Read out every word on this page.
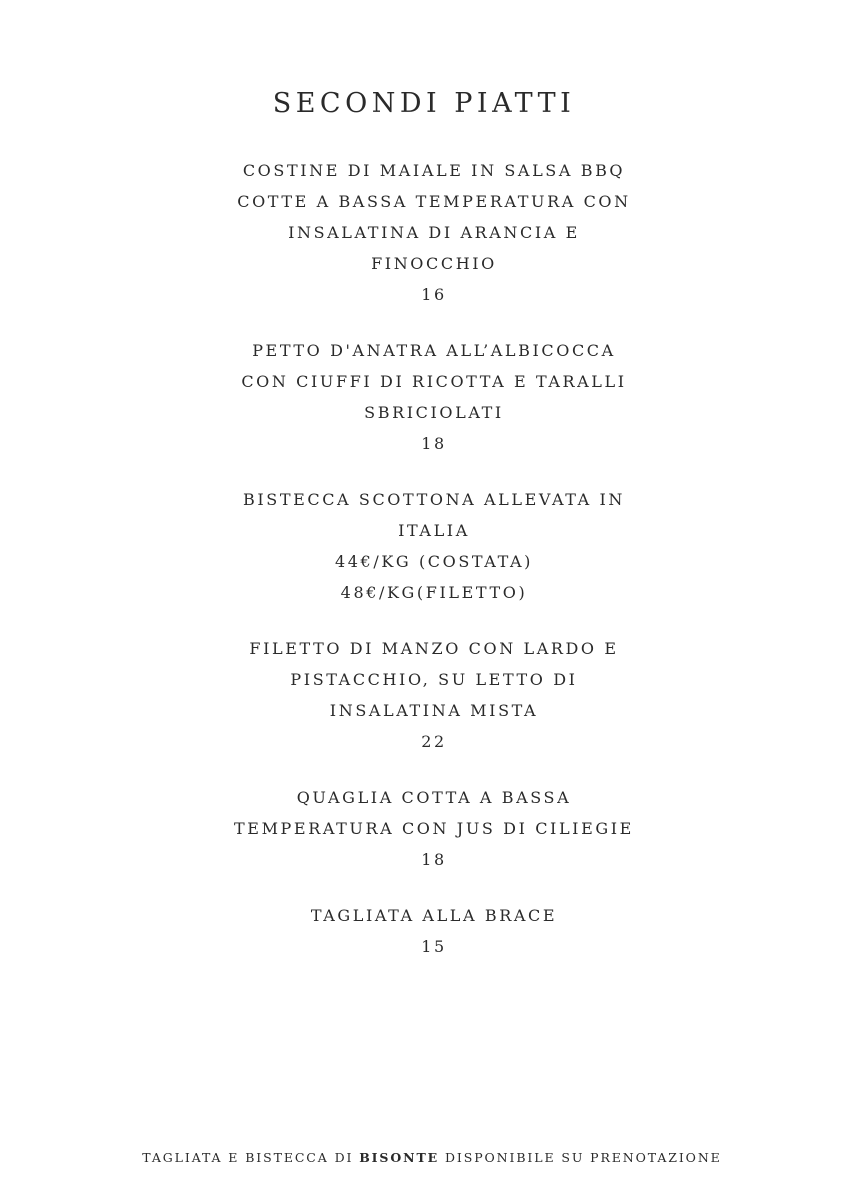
SECONDI PIATTI
COSTINE DI MAIALE IN SALSA BBQ
COTTE A BASSA TEMPERATURA CON
INSALATINA DI ARANCIA E
FINOCCHIO
16
PETTO D'ANATRA ALL’ALBICOCCA
CON CIUFFI DI RICOTTA E TARALLI
SBRICIOLATI
18
BISTECCA SCOTTONA ALLEVATA IN
ITALIA
44€/KG (COSTATA)
48€/KG(FILETTO)
FILETTO DI MANZO CON LARDO E
PISTACCHIO, SU LETTO DI
INSALATINA MISTA
22
QUAGLIA COTTA A BASSA
TEMPERATURA CON JUS DI CILIEGIE
18
TAGLIATA ALLA BRACE
15
TAGLIATA E BISTECCA DI BISONTE DISPONIBILE SU PRENOTAZIONE
